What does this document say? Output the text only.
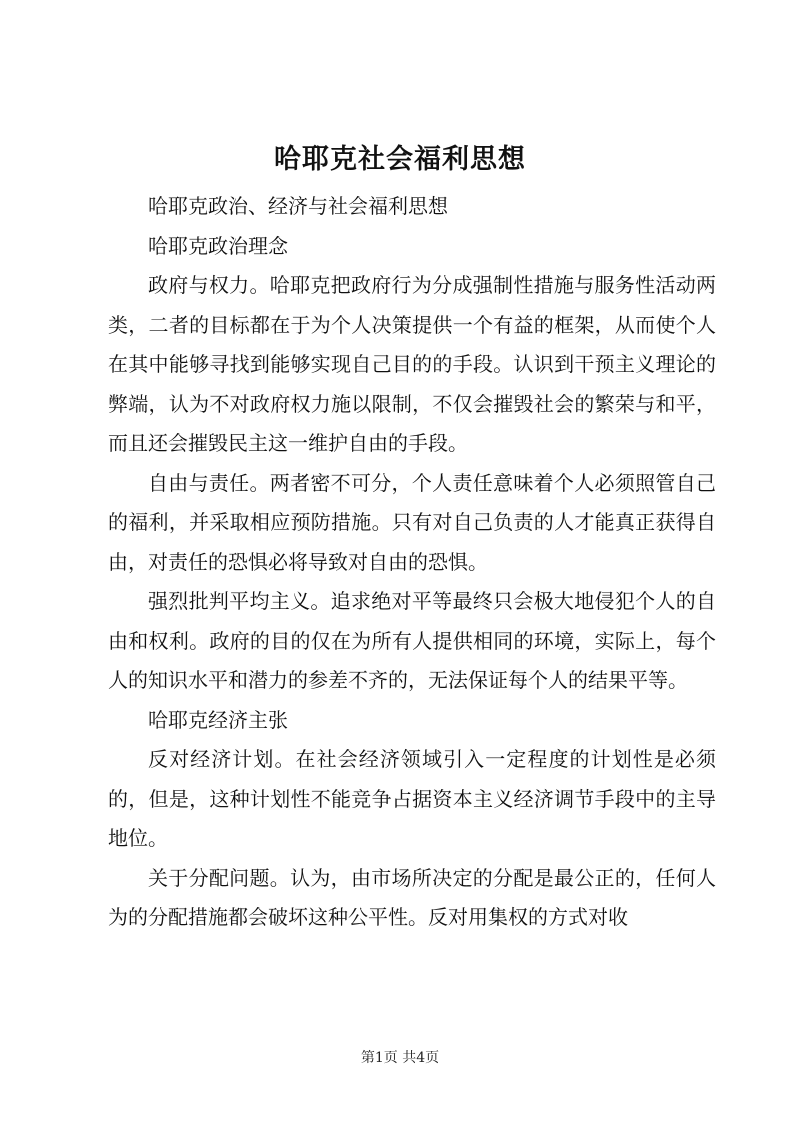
哈耶克社会福利思想

哈耶克政治、经济与社会福利思想

哈耶克政治理念

政府与权力。哈耶克把政府行为分成强制性措施与服务性活动两类，二者的目标都在于为个人决策提供一个有益的框架，从而使个人在其中能够寻找到能够实现自己目的的手段。认识到干预主义理论的弊端，认为不对政府权力施以限制，不仅会摧毁社会的繁荣与和平，而且还会摧毁民主这一维护自由的手段。

自由与责任。两者密不可分，个人责任意味着个人必须照管自己的福利，并采取相应预防措施。只有对自己负责的人才能真正获得自由，对责任的恐惧必将导致对自由的恐惧。

强烈批判平均主义。追求绝对平等最终只会极大地侵犯个人的自由和权利。政府的目的仅在为所有人提供相同的环境，实际上，每个人的知识水平和潜力的参差不齐的，无法保证每个人的结果平等。

哈耶克经济主张

反对经济计划。在社会经济领域引入一定程度的计划性是必须的，但是，这种计划性不能竞争占据资本主义经济调节手段中的主导地位。

关于分配问题。认为，由市场所决定的分配是最公正的，任何人为的分配措施都会破坏这种公平性。反对用集权的方式对收

第1页 共4页
